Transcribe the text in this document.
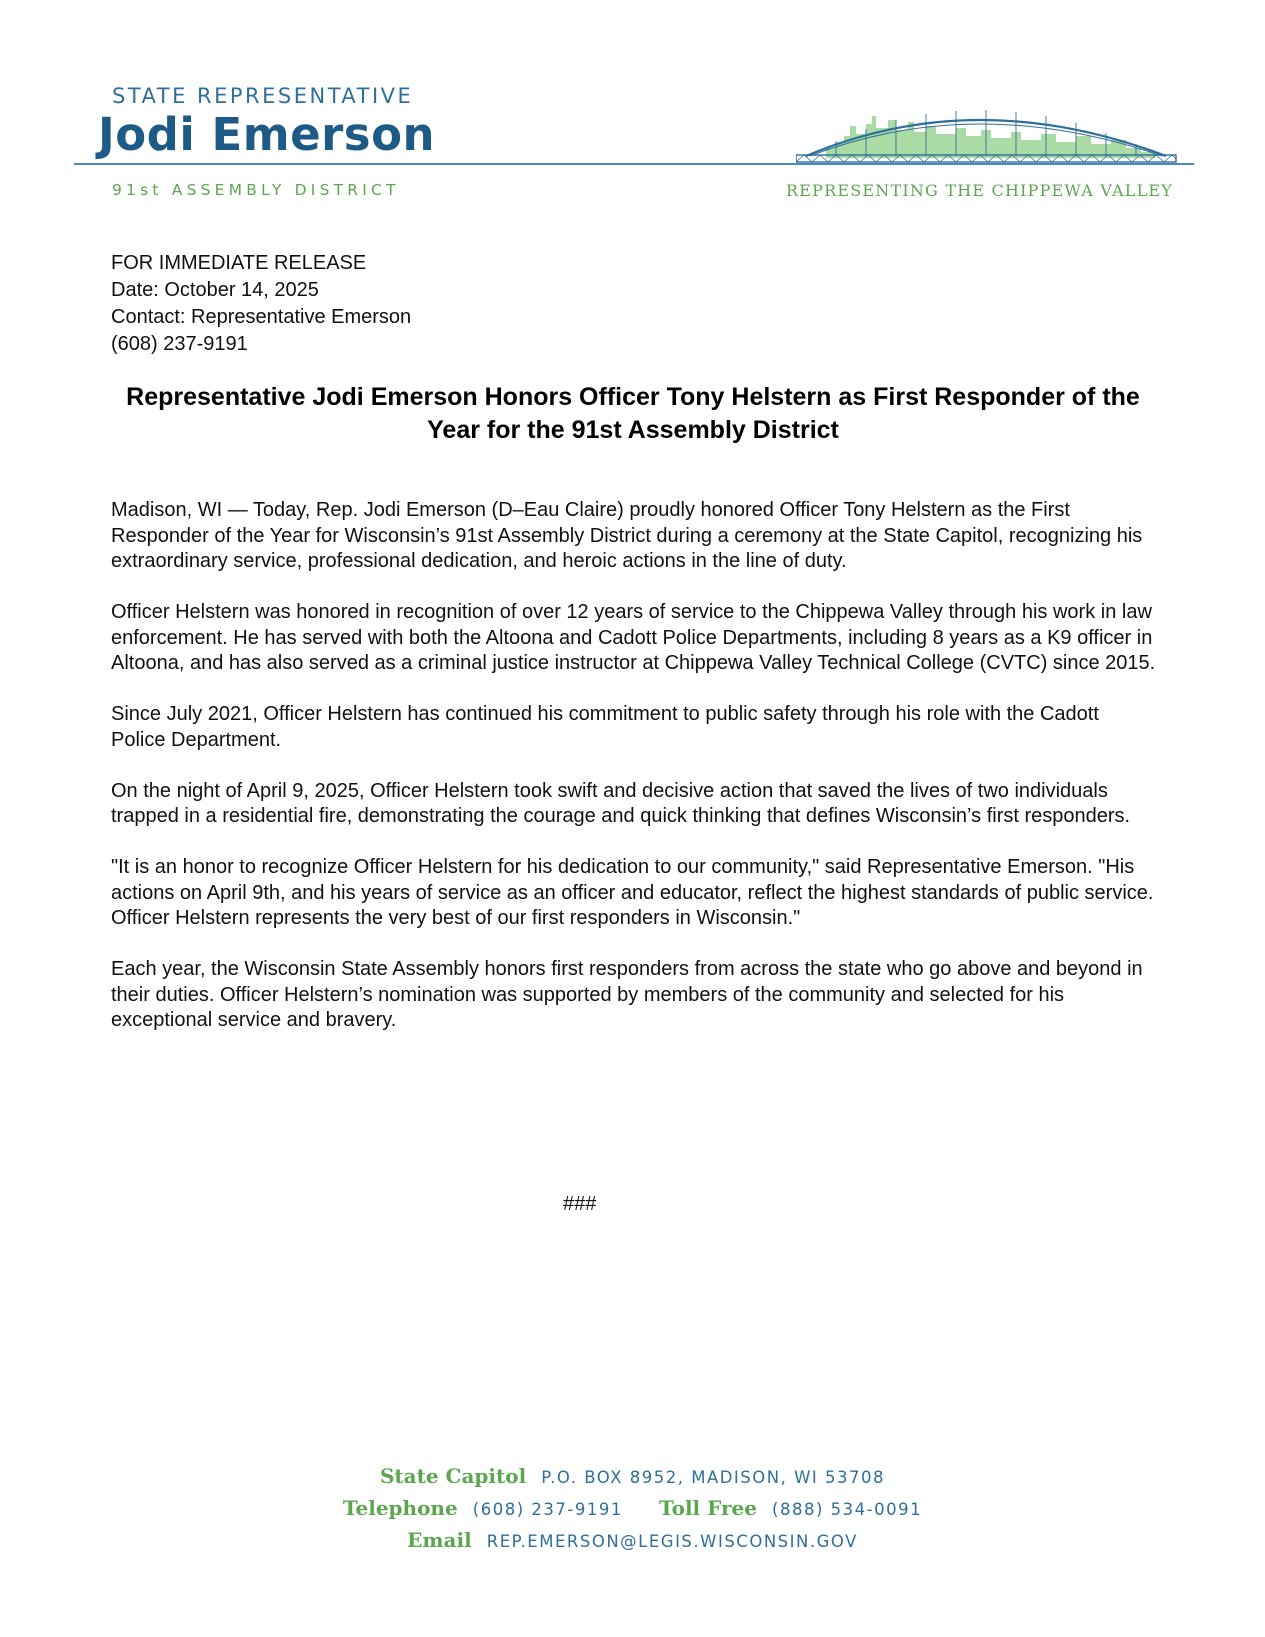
STATE REPRESENTATIVE
Jodi Emerson
91st ASSEMBLY DISTRICT	REPRESENTING THE CHIPPEWA VALLEY
FOR IMMEDIATE RELEASE
Date: October 14, 2025
Contact: Representative Emerson
(608) 237-9191
Representative Jodi Emerson Honors Officer Tony Helstern as First Responder of the Year for the 91st Assembly District

Madison, WI — Today, Rep. Jodi Emerson (D–Eau Claire) proudly honored Officer Tony Helstern as the First Responder of the Year for Wisconsin’s 91st Assembly District during a ceremony at the State Capitol, recognizing his extraordinary service, professional dedication, and heroic actions in the line of duty.

Officer Helstern was honored in recognition of over 12 years of service to the Chippewa Valley through his work in law enforcement. He has served with both the Altoona and Cadott Police Departments, including 8 years as a K9 officer in Altoona, and has also served as a criminal justice instructor at Chippewa Valley Technical College (CVTC) since 2015.

Since July 2021, Officer Helstern has continued his commitment to public safety through his role with the Cadott Police Department.

On the night of April 9, 2025, Officer Helstern took swift and decisive action that saved the lives of two individuals trapped in a residential fire, demonstrating the courage and quick thinking that defines Wisconsin’s first responders.

"It is an honor to recognize Officer Helstern for his dedication to our community," said Representative Emerson. "His actions on April 9th, and his years of service as an officer and educator, reflect the highest standards of public service. Officer Helstern represents the very best of our first responders in Wisconsin."

Each year, the Wisconsin State Assembly honors first responders from across the state who go above and beyond in their duties. Officer Helstern’s nomination was supported by members of the community and selected for his exceptional service and bravery.

###
State Capitol P.O. BOX 8952, MADISON, WI 53708
Telephone (608) 237-9191 Toll Free (888) 534-0091
Email REP.EMERSON@LEGIS.WISCONSIN.GOV
